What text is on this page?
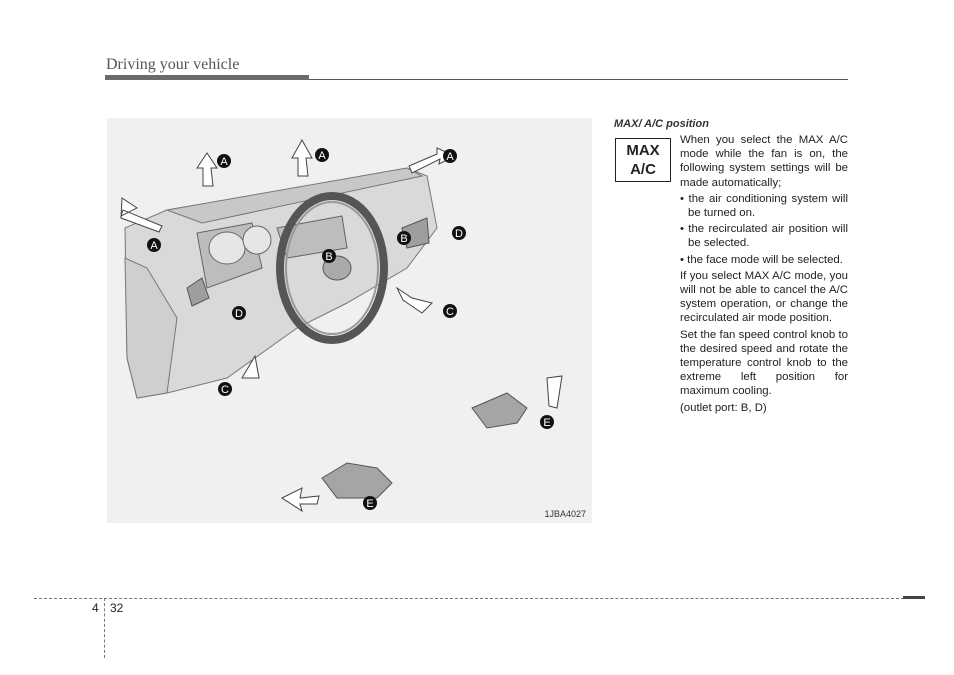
Driving your vehicle
A	A	A
A
B
B
D
D	C
C
E
E
1JBA4027
MAX/ A/C position
MAX
A/C

When you select the MAX A/C mode while the fan is on, the following system settings will be made automatically;

• the air conditioning system will be turned on.
• the recirculated air position will be selected.
• the face mode will be selected.

If you select MAX A/C mode, you will not be able to cancel the A/C system operation, or change the recirculated air mode position.

Set the fan speed control knob to the desired speed and rotate the temperature control knob to the extreme left position for maximum cooling.

(outlet port: B, D)

4 32
